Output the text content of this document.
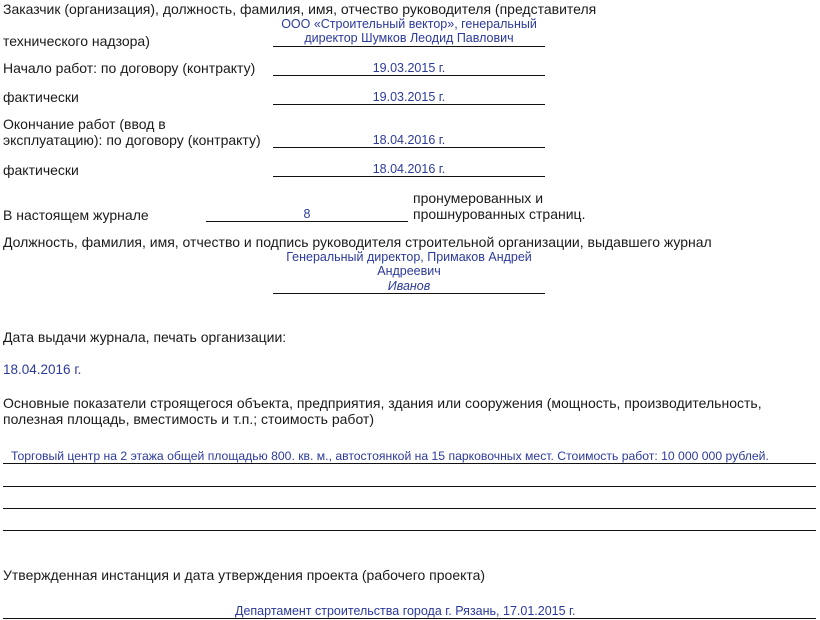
Заказчик (организация), должность, фамилия, имя, отчество руководителя (представителя
технического надзора)
ООО «Строительный вектор», генеральный
директор Шумков Леодид Павлович
Начало работ: по договору (контракту)	19.03.2015 г.
фактически	19.03.2015 г.
Окончание работ (ввод в
эксплуатацию): по договору (контракту)	18.04.2016 г.
фактически	18.04.2016 г.
В настоящем журнале	8
пронумерованных и
прошнурованных страниц.
Должность, фамилия, имя, отчество и подпись руководителя строительной организации, выдавшего журнал
Генеральный директор, Примаков Андрей
Андреевич
Иванов
Дата выдачи журнала, печать организации:
18.04.2016 г.
Основные показатели строящегося объекта, предприятия, здания или сооружения (мощность, производительность,
полезная площадь, вместимость и т.п.; стоимость работ)
Торговый центр на 2 этажа общей площадью 800. кв. м., автостоянкой на 15 парковочных мест. Стоимость работ: 10 000 000 рублей.
Утвержденная инстанция и дата утверждения проекта (рабочего проекта)
Департамент строительства города г. Рязань, 17.01.2015 г.
